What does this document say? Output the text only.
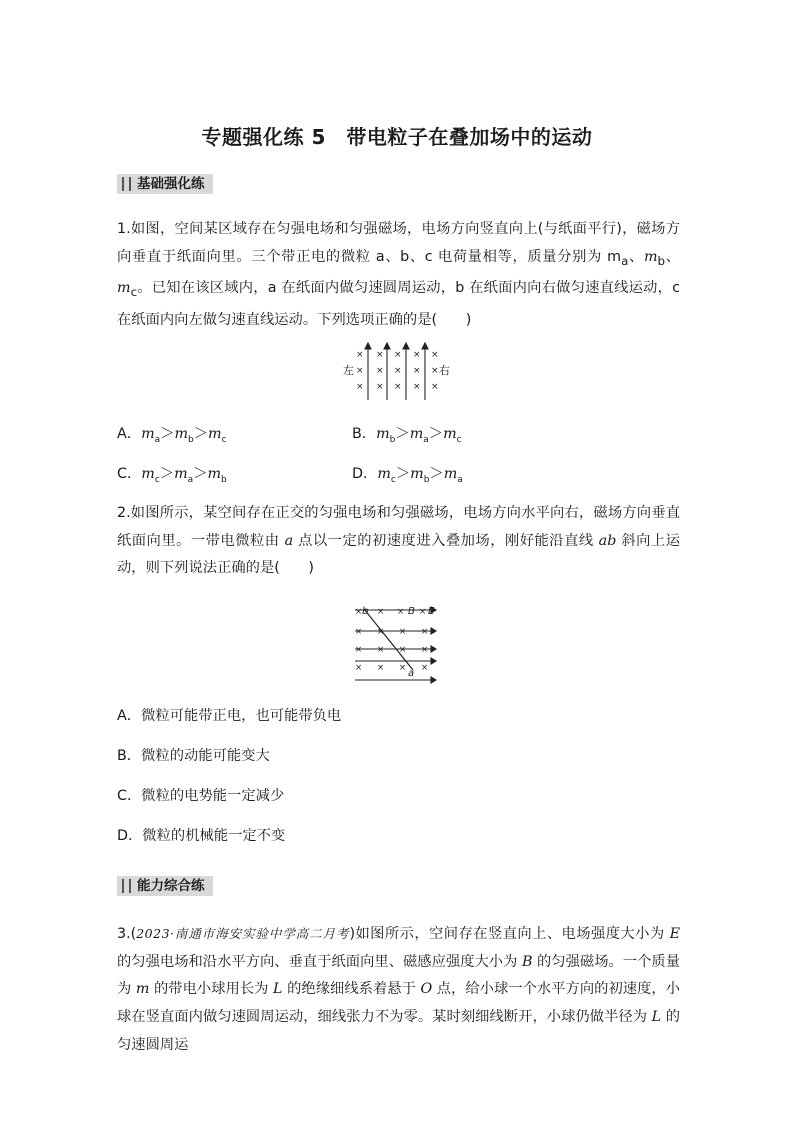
专题强化练 5　带电粒子在叠加场中的运动
基础强化练
1.如图，空间某区域存在匀强电场和匀强磁场，电场方向竖直向上(与纸面平行)，磁场方向垂直于纸面向里。三个带正电的微粒 a、b、c 电荷量相等，质量分别为 $m_a$、$m_b$、$m_c$。已知在该区域内，a 在纸面内做匀速圆周运动，b 在纸面内向右做匀速直线运动，c 在纸面内向左做匀速直线运动。下列选项正确的是(　　)
× × × × ×
× × × × ×
× × × × ×
左	右
A．$m_a>m_b>m_c$	B．$m_b>m_a>m_c$
C．$m_c>m_a>m_b$	D．$m_c>m_b>m_a$
2.如图所示，某空间存在正交的匀强电场和匀强磁场，电场方向水平向右，磁场方向垂直纸面向里。一带电微粒由 a 点以一定的初速度进入叠加场，刚好能沿直线 ab 斜向上运动，则下列说法正确的是(　　)
× × × ×
× × × ×
× × × ×
× × × ×
b
a
B E
A．微粒可能带正电，也可能带负电
B．微粒的动能可能变大
C．微粒的电势能一定减少
D．微粒的机械能一定不变
能力综合练
3.(2023·南通市海安实验中学高二月考)如图所示，空间存在竖直向上、电场强度大小为 E 的匀强电场和沿水平方向、垂直于纸面向里、磁感应强度大小为 B 的匀强磁场。一个质量为 m 的带电小球用长为 L 的绝缘细线系着悬于 O 点，给小球一个水平方向的初速度，小球在竖直面内做匀速圆周运动，细线张力不为零。某时刻细线断开，小球仍做半径为 L 的匀速圆周运
